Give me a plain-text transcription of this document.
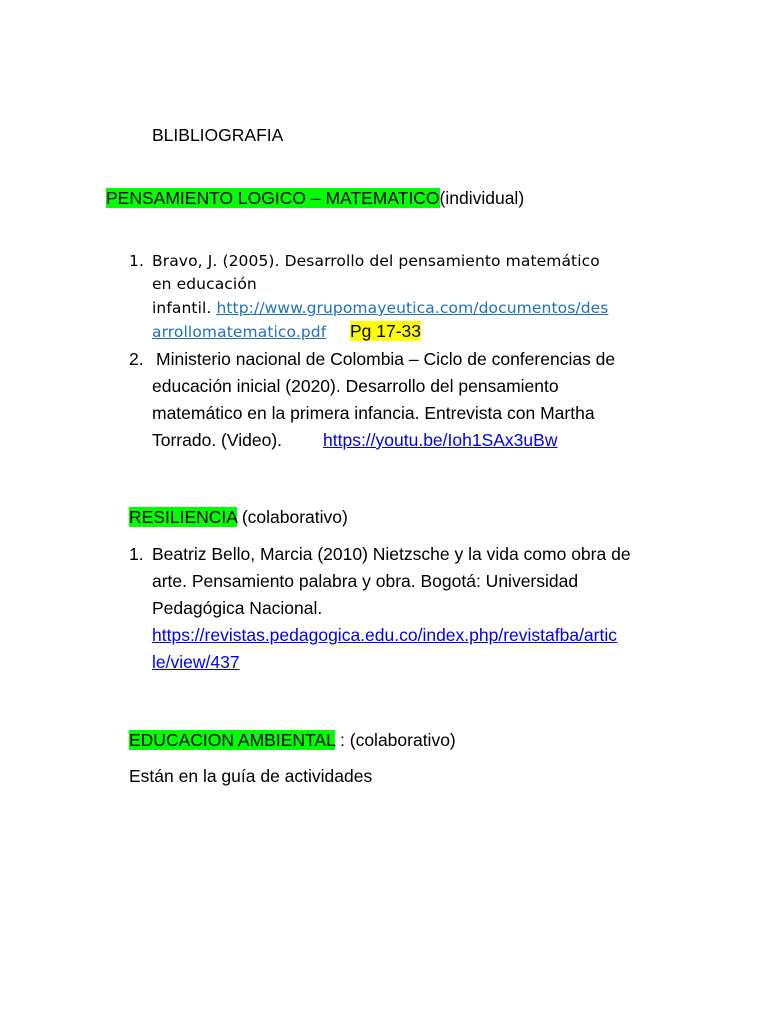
BLIBLIOGRAFIA
PENSAMIENTO LOGICO – MATEMATICO(individual)
1. Bravo, J. (2005). Desarrollo del pensamiento matemático
en educación
infantil. http://www.grupomayeutica.com/documentos/des
arrollomatematico.pdf Pg 17-33
2. Ministerio nacional de Colombia – Ciclo de conferencias de
educación inicial (2020). Desarrollo del pensamiento
matemático en la primera infancia. Entrevista con Martha
Torrado. (Video). https://youtu.be/Ioh1SAx3uBw
RESILIENCIA (colaborativo)
1. Beatriz Bello, Marcia (2010) Nietzsche y la vida como obra de
arte. Pensamiento palabra y obra. Bogotá: Universidad
Pedagógica Nacional.
https://revistas.pedagogica.edu.co/index.php/revistafba/artic
le/view/437
EDUCACION AMBIENTAL : (colaborativo)
Están en la guía de actividades
